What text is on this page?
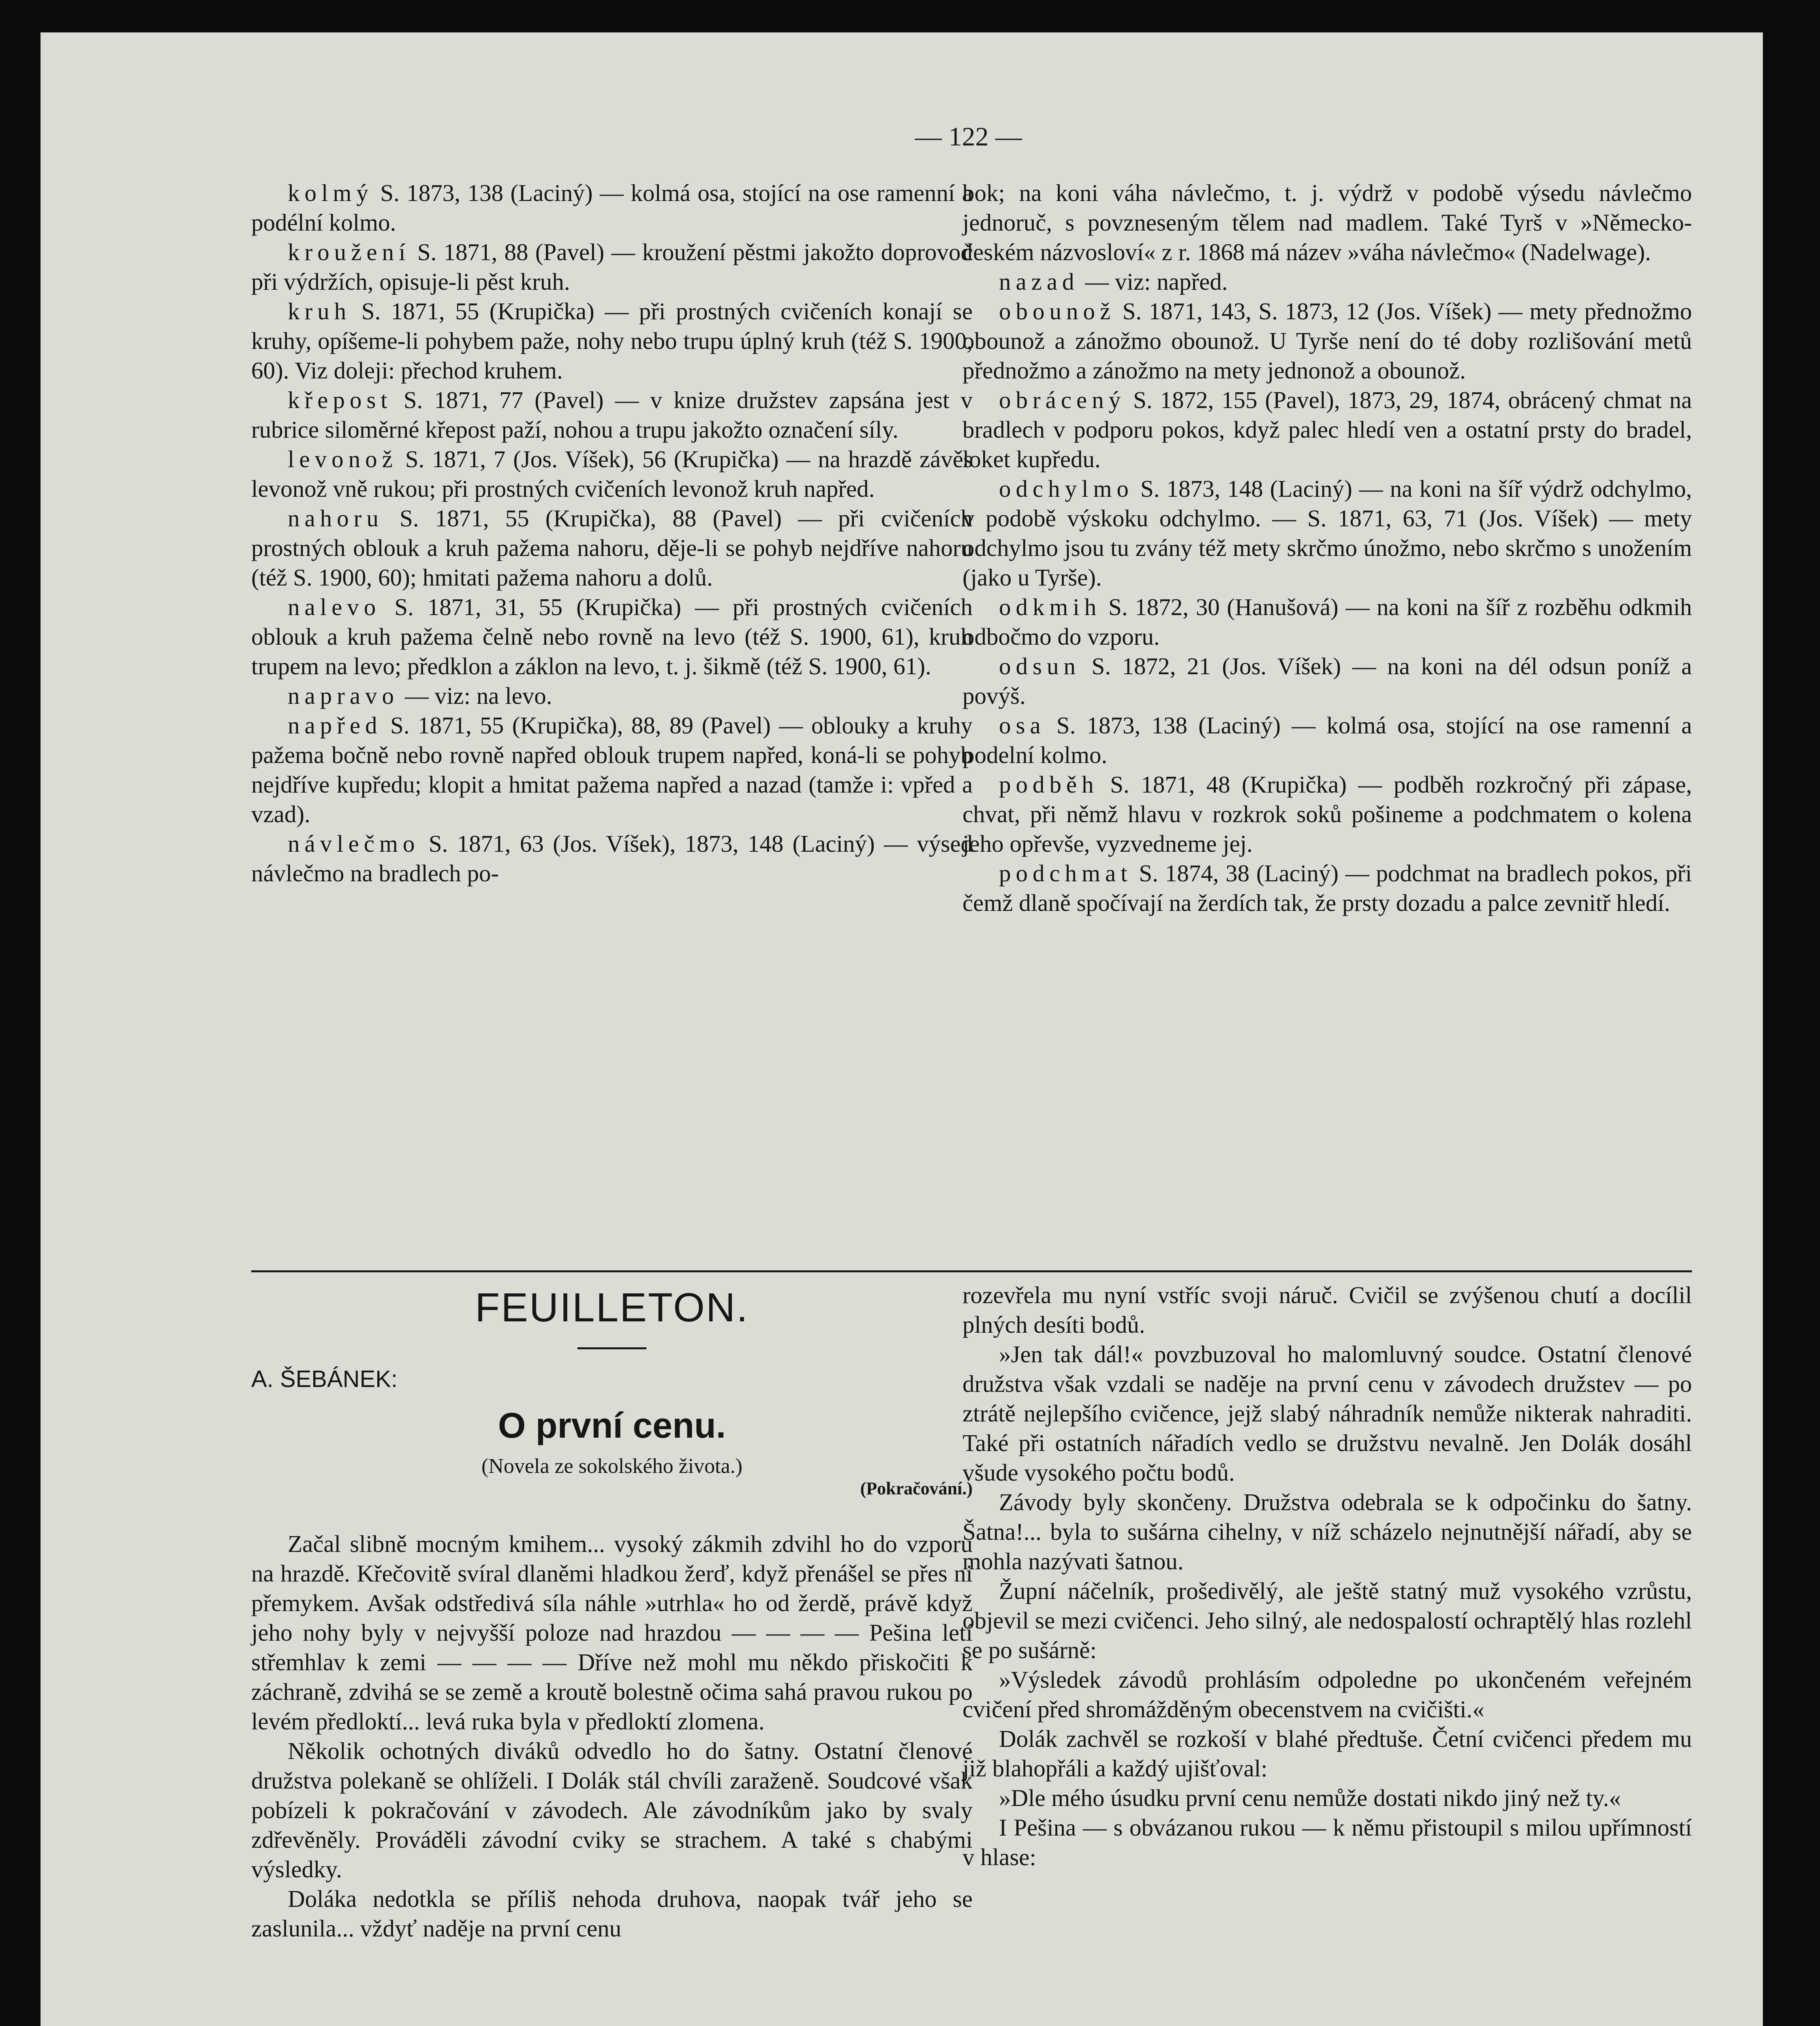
— 122 —

kolmý S. 1873, 138 (Laciný) — kolmá osa, stojící na ose ramenní a podélní kolmo.

kroužení S. 1871, 88 (Pavel) — kroužení pěstmi jakožto doprovod při výdržích, opisuje-li pěst kruh.

kruh S. 1871, 55 (Krupička) — při prostných cvičeních konají se kruhy, opíšeme-li pohybem paže, nohy nebo trupu úplný kruh (též S. 1900, 60). Viz doleji: přechod kruhem.

křepost S. 1871, 77 (Pavel) — v knize družstev zapsána jest v rubrice siloměrné křepost paží, nohou a trupu jakožto označení síly.

levonož S. 1871, 7 (Jos. Víšek), 56 (Krupička) — na hrazdě závěs levonož vně rukou; při prostných cvičeních levonož kruh napřed.

nahoru S. 1871, 55 (Krupička), 88 (Pavel) — při cvičeních prostných oblouk a kruh pažema nahoru, děje-li se pohyb nejdříve nahoru (též S. 1900, 60); hmitati pažema nahoru a dolů.

nalevo S. 1871, 31, 55 (Krupička) — při prostných cvičeních oblouk a kruh pažema čelně nebo rovně na levo (též S. 1900, 61), kruh trupem na levo; předklon a záklon na levo, t. j. šikmě (též S. 1900, 61).

napravo — viz: na levo.

napřed S. 1871, 55 (Krupička), 88, 89 (Pavel) — oblouky a kruhy pažema bočně nebo rovně napřed oblouk trupem napřed, koná-li se pohyb nejdříve kupředu; klopit a hmitat pažema napřed a nazad (tamže i: vpřed a vzad).

návlečmo S. 1871, 63 (Jos. Víšek), 1873, 148 (Laciný) — výsed návlečmo na bradlech po-

bok; na koni váha návlečmo, t. j. výdrž v podobě výsedu návlečmo jednoruč, s povzneseným tělem nad madlem. Také Tyrš v »Německo-českém názvosloví« z r. 1868 má název »váha návlečmo« (Nadelwage).

nazad — viz: napřed.

obounož S. 1871, 143, S. 1873, 12 (Jos. Víšek) — mety přednožmo obounož a zánožmo obounož. U Tyrše není do té doby rozlišování metů přednožmo a zánožmo na mety jednonož a obounož.

obrácený S. 1872, 155 (Pavel), 1873, 29, 1874, obrácený chmat na bradlech v podporu pokos, když palec hledí ven a ostatní prsty do bradel, loket kupředu.

odchylmo S. 1873, 148 (Laciný) — na koni na šíř výdrž odchylmo, v podobě výskoku odchylmo. — S. 1871, 63, 71 (Jos. Víšek) — mety odchylmo jsou tu zvány též mety skrčmo únožmo, nebo skrčmo s unožením (jako u Tyrše).

odkmih S. 1872, 30 (Hanušová) — na koni na šíř z rozběhu odkmih odbočmo do vzporu.

odsun S. 1872, 21 (Jos. Víšek) — na koni na dél odsun poníž a povýš.

osa S. 1873, 138 (Laciný) — kolmá osa, stojící na ose ramenní a podelní kolmo.

podběh S. 1871, 48 (Krupička) — podběh rozkročný při zápase, chvat, při němž hlavu v rozkrok soků pošineme a podchmatem o kolena jeho opřevše, vyzvedneme jej.

podchmat S. 1874, 38 (Laciný) — podchmat na bradlech pokos, při čemž dlaně spočívají na žerdích tak, že prsty dozadu a palce zevnitř hledí.

FEUILLETON.
A. ŠEBÁNEK:
O první cenu.
(Novela ze sokolského života.)
(Pokračování.)

Začal slibně mocným kmihem... vysoký zákmih zdvihl ho do vzporu na hrazdě. Křečovitě svíral dlaněmi hladkou žerď, když přenášel se přes ni přemykem. Avšak odstředivá síla náhle »utrhla« ho od žerdě, právě když jeho nohy byly v nejvyšší poloze nad hrazdou — — — — Pešina letí střemhlav k zemi — — — — Dříve než mohl mu někdo přiskočiti k záchraně, zdvihá se se země a kroutě bolestně očima sahá pravou rukou po levém předloktí... levá ruka byla v předloktí zlomena.

Několik ochotných diváků odvedlo ho do šatny. Ostatní členové družstva polekaně se ohlíželi. I Dolák stál chvíli zaraženě. Soudcové však pobízeli k pokračování v závodech. Ale závodníkům jako by svaly zdřevěněly. Prováděli závodní cviky se strachem. A také s chabými výsledky.

Doláka nedotkla se příliš nehoda druhova, naopak tvář jeho se zaslunila... vždyť naděje na první cenu

rozevřela mu nyní vstříc svoji náruč. Cvičil se zvýšenou chutí a docílil plných desíti bodů.

»Jen tak dál!« povzbuzoval ho malomluvný soudce. Ostatní členové družstva však vzdali se naděje na první cenu v závodech družstev — po ztrátě nejlepšího cvičence, jejž slabý náhradník nemůže nikterak nahraditi. Také při ostatních nářadích vedlo se družstvu nevalně. Jen Dolák dosáhl všude vysokého počtu bodů.

Závody byly skončeny. Družstva odebrala se k odpočinku do šatny. Šatna!... byla to sušárna cihelny, v níž scházelo nejnutnější nářadí, aby se mohla nazývati šatnou.

Župní náčelník, prošedivělý, ale ještě statný muž vysokého vzrůstu, objevil se mezi cvičenci. Jeho silný, ale nedospalostí ochraptělý hlas rozlehl se po sušárně:

»Výsledek závodů prohlásím odpoledne po ukončeném veřejném cvičení před shromážděným obecenstvem na cvičišti.«

Dolák zachvěl se rozkoší v blahé předtuše. Četní cvičenci předem mu již blahopřáli a každý ujišťoval:

»Dle mého úsudku první cenu nemůže dostati nikdo jiný než ty.«

I Pešina — s obvázanou rukou — k němu přistoupil s milou upřímností v hlase:
